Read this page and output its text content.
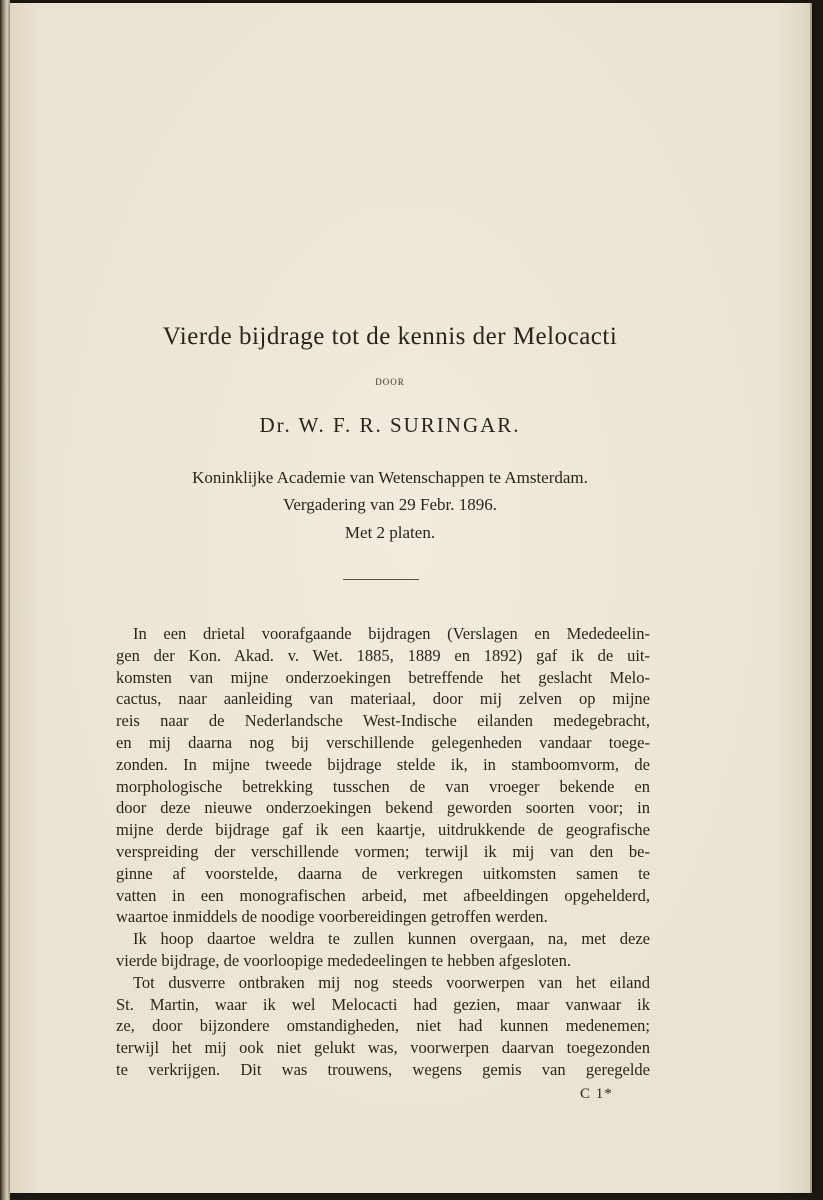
Vierde bijdrage tot de kennis der Melocacti
DOOR
Dr. W. F. R. SURINGAR.
Koninklijke Academie van Wetenschappen te Amsterdam.
Vergadering van 29 Febr. 1896.
Met 2 platen.
In een drietal voorafgaande bijdragen (Verslagen en Mededeelin-
gen der Kon. Akad. v. Wet. 1885, 1889 en 1892) gaf ik de uit-
komsten van mijne onderzoekingen betreffende het geslacht Melo-
cactus, naar aanleiding van materiaal, door mij zelven op mijne
reis naar de Nederlandsche West-Indische eilanden medegebracht,
en mij daarna nog bij verschillende gelegenheden vandaar toege-
zonden. In mijne tweede bijdrage stelde ik, in stamboomvorm, de
morphologische betrekking tusschen de van vroeger bekende en
door deze nieuwe onderzoekingen bekend geworden soorten voor; in
mijne derde bijdrage gaf ik een kaartje, uitdrukkende de geografische
verspreiding der verschillende vormen; terwijl ik mij van den be-
ginne af voorstelde, daarna de verkregen uitkomsten samen te
vatten in een monografischen arbeid, met afbeeldingen opgehelderd,
waartoe inmiddels de noodige voorbereidingen getroffen werden.
Ik hoop daartoe weldra te zullen kunnen overgaan, na, met deze
vierde bijdrage, de voorloopige mededeelingen te hebben afgesloten.
Tot dusverre ontbraken mij nog steeds voorwerpen van het eiland
St. Martin, waar ik wel Melocacti had gezien, maar vanwaar ik
ze, door bijzondere omstandigheden, niet had kunnen medenemen;
terwijl het mij ook niet gelukt was, voorwerpen daarvan toegezonden
te verkrijgen. Dit was trouwens, wegens gemis van geregelde
C 1*
